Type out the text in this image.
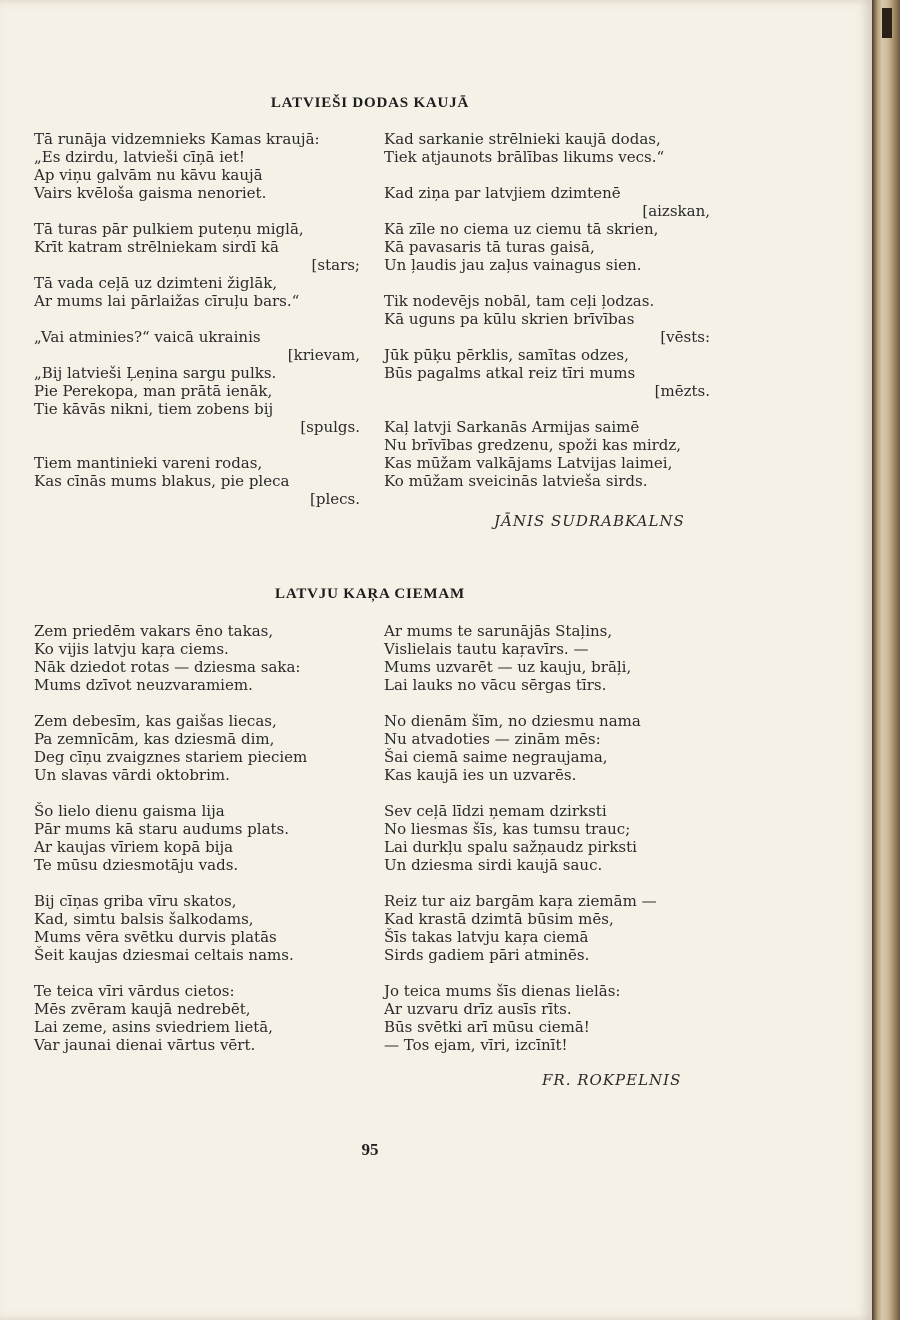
LATVIEŠI DODAS KAUJĀ
Tā runāja vidzemnieks Kamas kraujā:
„Es dzirdu, latvieši cīņā iet!
Ap viņu galvām nu kāvu kaujā
Vairs kvēloša gaisma nenoriet.
Tā turas pār pulkiem puteņu miglā,
Krīt katram strēlniekam sirdī kā
[stars;
Tā vada ceļā uz dzimteni žiglāk,
Ar mums lai pārlaižas cīruļu bars.“
„Vai atminies?“ vaicā ukrainis
[krievam,
„Bij latvieši Ļeņina sargu pulks.
Pie Perekopa, man prātā ienāk,
Tie kāvās nikni, tiem zobens bij
[spulgs.
Tiem mantinieki vareni rodas,
Kas cīnās mums blakus, pie pleca
[plecs.
Kad sarkanie strēlnieki kaujā dodas,
Tiek atjaunots brālības likums vecs.“
Kad ziņa par latvjiem dzimtenē
[aizskan,
Kā zīle no ciema uz ciemu tā skrien,
Kā pavasaris tā turas gaisā,
Un ļaudis jau zaļus vainagus sien.
Tik nodevējs nobāl, tam ceļi ļodzas.
Kā uguns pa kūlu skrien brīvības
[vēsts:
Jūk pūķu pērklis, samītas odzes,
Būs pagalms atkal reiz tīri mums
[mēzts.
Kaļ latvji Sarkanās Armijas saimē
Nu brīvības gredzenu, spoži kas mirdz,
Kas mūžam valkājams Latvijas laimei,
Ko mūžam sveicinās latvieša sirds.
JĀNIS SUDRABKALNS
LATVJU KAŖA CIEMAM
Zem priedēm vakars ēno takas,
Ko vijis latvju kaŗa ciems.
Nāk dziedot rotas — dziesma saka:
Mums dzīvot neuzvaramiem.
Zem debesīm, kas gaišas liecas,
Pa zemnīcām, kas dziesmā dim,
Deg cīņu zvaigznes stariem pieciem
Un slavas vārdi oktobrim.
Šo lielo dienu gaisma lija
Pār mums kā staru audums plats.
Ar kaujas vīriem kopā bija
Te mūsu dziesmotāju vads.
Bij cīņas griba vīru skatos,
Kad, simtu balsis šalkodams,
Mums vēra svētku durvis platās
Šeit kaujas dziesmai celtais nams.
Te teica vīri vārdus cietos:
Mēs zvēram kaujā nedrebēt,
Lai zeme, asins sviedriem lietā,
Var jaunai dienai vārtus vērt.
Ar mums te sarunājās Staļins,
Vislielais tautu kaŗavīrs. —
Mums uzvarēt — uz kauju, brāļi,
Lai lauks no vācu sērgas tīrs.
No dienām šīm, no dziesmu nama
Nu atvadoties — zinām mēs:
Šai ciemā saime negraujama,
Kas kaujā ies un uzvarēs.
Sev ceļā līdzi ņemam dzirksti
No liesmas šīs, kas tumsu trauc;
Lai durkļu spalu sažņaudz pirksti
Un dziesma sirdi kaujā sauc.
Reiz tur aiz bargām kaŗa ziemām —
Kad krastā dzimtā būsim mēs,
Šīs takas latvju kaŗa ciemā
Sirds gadiem pāri atminēs.
Jo teica mums šīs dienas lielās:
Ar uzvaru drīz ausīs rīts.
Būs svētki arī mūsu ciemā!
— Tos ejam, vīri, izcīnīt!
FR. ROKPELNIS
95
